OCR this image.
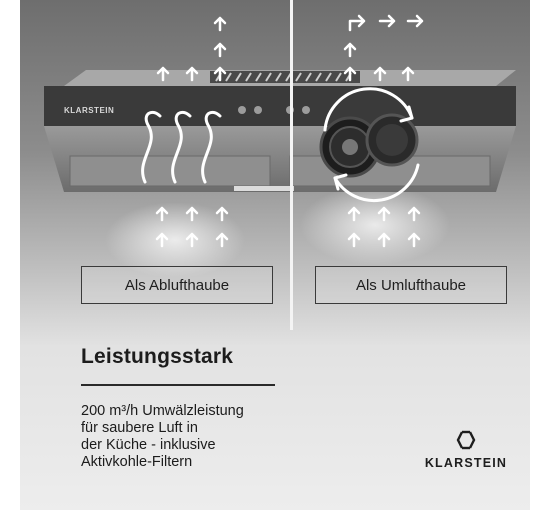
KLARSTEIN
Als Ablufthaube	Als Umlufthaube
Leistungsstark
200 m³/h Umwälzleistung
für saubere Luft in
der Küche - inklusive
Aktivkohle-Filtern	KLARSTEIN
